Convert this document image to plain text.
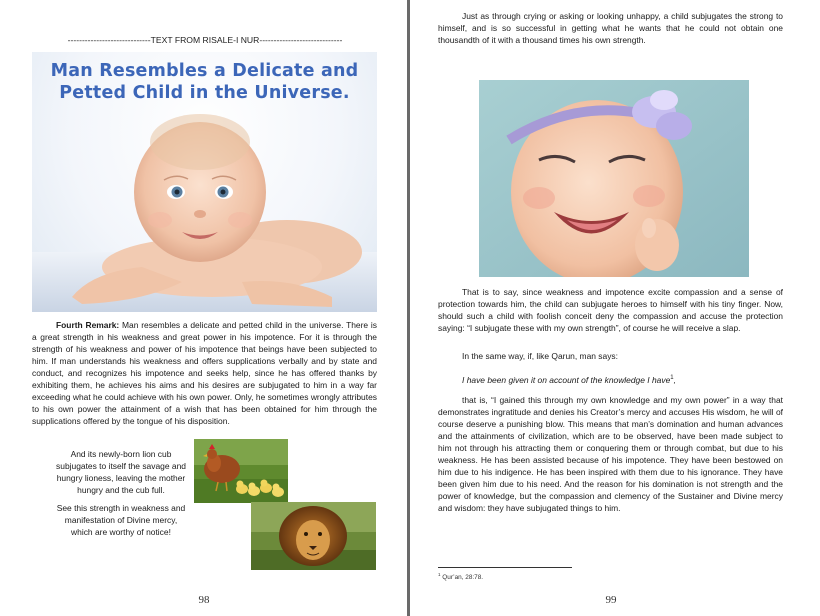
-----------------------------TEXT FROM RISALE-I NUR-----------------------------
Man Resembles a Delicate and
Petted Child in the Universe.
Fourth Remark: Man resembles a delicate and petted child in the universe. There is a great strength in his weakness and great power in his impotence. For it is through the strength of his weakness and power of his impotence that beings have been subjected to him. If man understands his weakness and offers supplications verbally and by state and conduct, and recognizes his impotence and seeks help, since he has offered thanks by exhibiting them, he achieves his aims and his desires are subjugated to him in a way far exceeding what he could achieve with his own power. Only, he sometimes wrongly attributes to his own power the attainment of a wish that has been obtained for him through the supplications offered by the tongue of his disposition.
And its newly-born lion cub subjugates to itself the savage and hungry lioness, leaving the mother hungry and the cub full.
See this strength in weakness and manifestation of Divine mercy, which are worthy of notice!
98
Just as through crying or asking or looking unhappy, a child subjugates the strong to himself, and is so successful in getting what he wants that he could not obtain one thousandth of it with a thousand times his own strength.
That is to say, since weakness and impotence excite compassion and a sense of protection towards him, the child can subjugate heroes to himself with his tiny finger. Now, should such a child with foolish conceit deny the compassion and accuse the protection saying: “I subjugate these with my own strength”, of course he will receive a slap.
In the same way, if, like Qarun, man says:
I have been given it on account of the knowledge I have$^1$,
that is, “I gained this through my own knowledge and my own power” in a way that demonstrates ingratitude and denies his Creator’s mercy and accuses His wisdom, he will of course deserve a punishing blow. This means that man’s domination and human advances and the attainments of civilization, which are to be observed, have been made subject to him not through his attracting them or conquering them or through combat, but due to his weakness. He has been assisted because of his impotence. They have been bestowed on him due to his indigence. He has been inspired with them due to his ignorance. They have been given him due to his need. And the reason for his domination is not strength and the power of knowledge, but the compassion and clemency of the Sustainer and Divine mercy and wisdom: they have subjugated things to him.
$^1$ Qur’an, 28:78.
99
